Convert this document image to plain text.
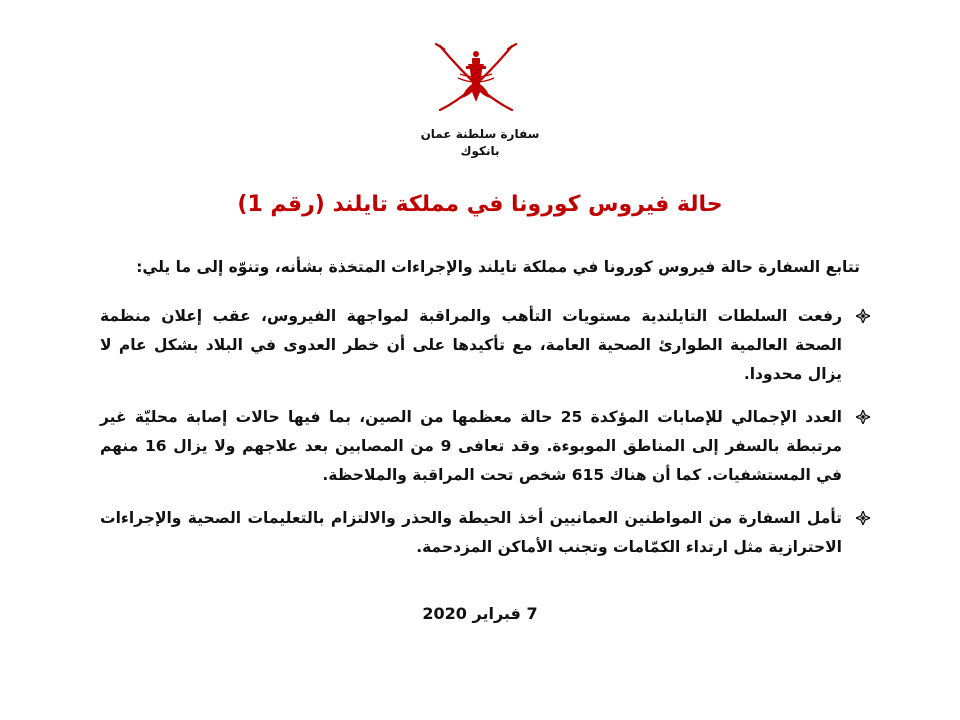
سفارة سلطنة عمان
بانكوك
حالة فيروس كورونا في مملكة تايلند (رقم 1)
تتابع السفارة حالة فيروس كورونا في مملكة تايلند والإجراءات المتخذة بشأنه، وتنوّه إلى ما يلي:
رفعت السلطات التايلندية مستويات التأهب والمراقبة لمواجهة الفيروس، عقب إعلان منظمة الصحة العالمية الطوارئ الصحية العامة، مع تأكيدها على أن خطر العدوى في البلاد بشكل عام لا يزال محدودا.
العدد الإجمالي للإصابات المؤكدة 25 حالة معظمها من الصين، بما فيها حالات إصابة محليّة غير مرتبطة بالسفر إلى المناطق الموبوءة. وقد تعافى 9 من المصابين بعد علاجهم ولا يزال 16 منهم في المستشفيات. كما أن هناك 615 شخص تحت المراقبة والملاحظة.
تأمل السفارة من المواطنين العمانيين أخذ الحيطة والحذر والالتزام بالتعليمات الصحية والإجراءات الاحترازية مثل ارتداء الكمّامات وتجنب الأماكن المزدحمة.
7 فبراير 2020
